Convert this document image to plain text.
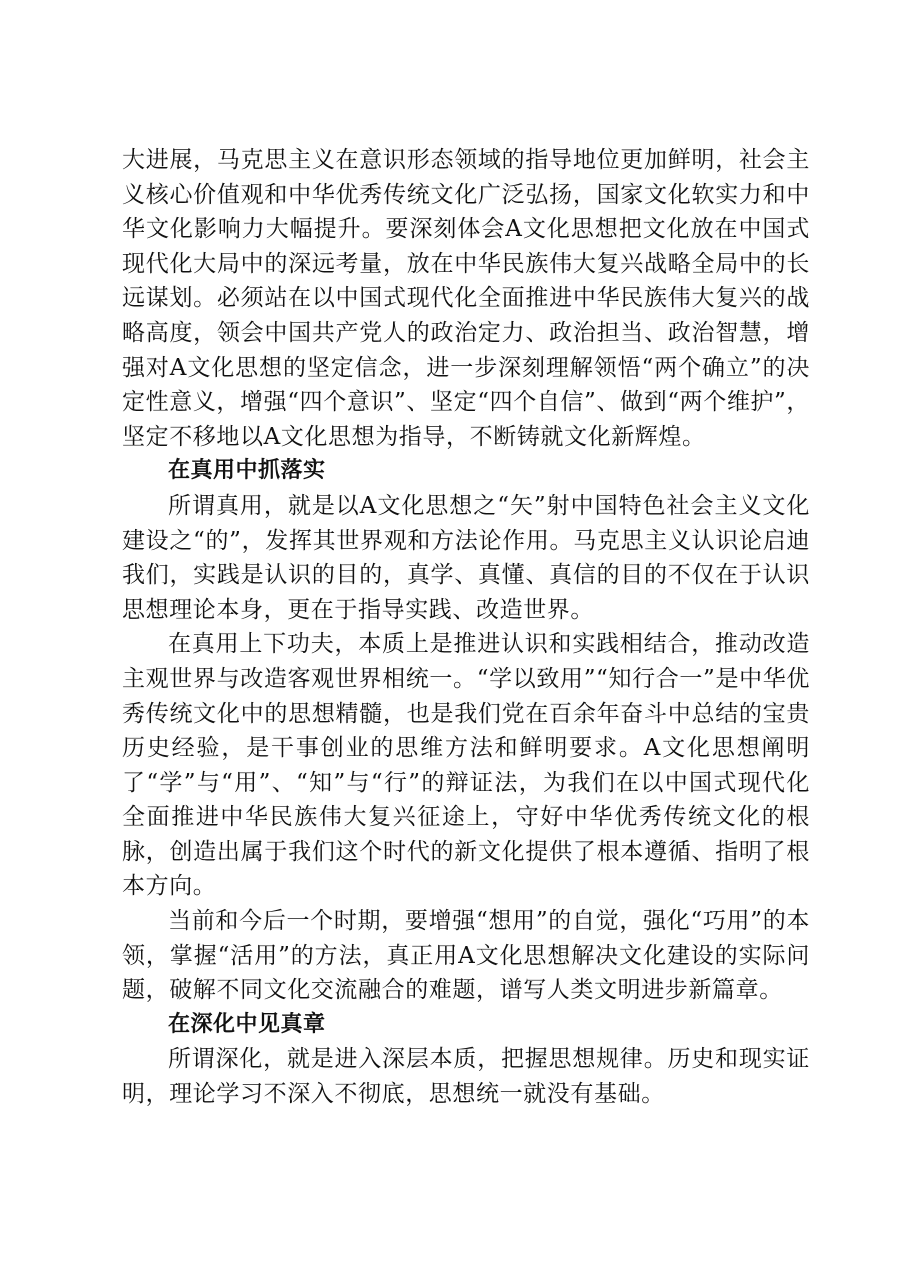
大进展，马克思主义在意识形态领域的指导地位更加鲜明，社会主义核心价值观和中华优秀传统文化广泛弘扬，国家文化软实力和中华文化影响力大幅提升。要深刻体会A文化思想把文化放在中国式现代化大局中的深远考量，放在中华民族伟大复兴战略全局中的长远谋划。必须站在以中国式现代化全面推进中华民族伟大复兴的战略高度，领会中国共产党人的政治定力、政治担当、政治智慧，增强对A文化思想的坚定信念，进一步深刻理解领悟“两个确立”的决定性意义，增强“四个意识”、坚定“四个自信”、做到“两个维护”，坚定不移地以A文化思想为指导，不断铸就文化新辉煌。

在真用中抓落实

所谓真用，就是以A文化思想之“矢”射中国特色社会主义文化建设之“的”，发挥其世界观和方法论作用。马克思主义认识论启迪我们，实践是认识的目的，真学、真懂、真信的目的不仅在于认识思想理论本身，更在于指导实践、改造世界。

在真用上下功夫，本质上是推进认识和实践相结合，推动改造主观世界与改造客观世界相统一。“学以致用”“知行合一”是中华优秀传统文化中的思想精髓，也是我们党在百余年奋斗中总结的宝贵历史经验，是干事创业的思维方法和鲜明要求。A文化思想阐明了“学”与“用”、“知”与“行”的辩证法，为我们在以中国式现代化全面推进中华民族伟大复兴征途上，守好中华优秀传统文化的根脉，创造出属于我们这个时代的新文化提供了根本遵循、指明了根本方向。

当前和今后一个时期，要增强“想用”的自觉，强化“巧用”的本领，掌握“活用”的方法，真正用A文化思想解决文化建设的实际问题，破解不同文化交流融合的难题，谱写人类文明进步新篇章。

在深化中见真章

所谓深化，就是进入深层本质，把握思想规律。历史和现实证明，理论学习不深入不彻底，思想统一就没有基础。
